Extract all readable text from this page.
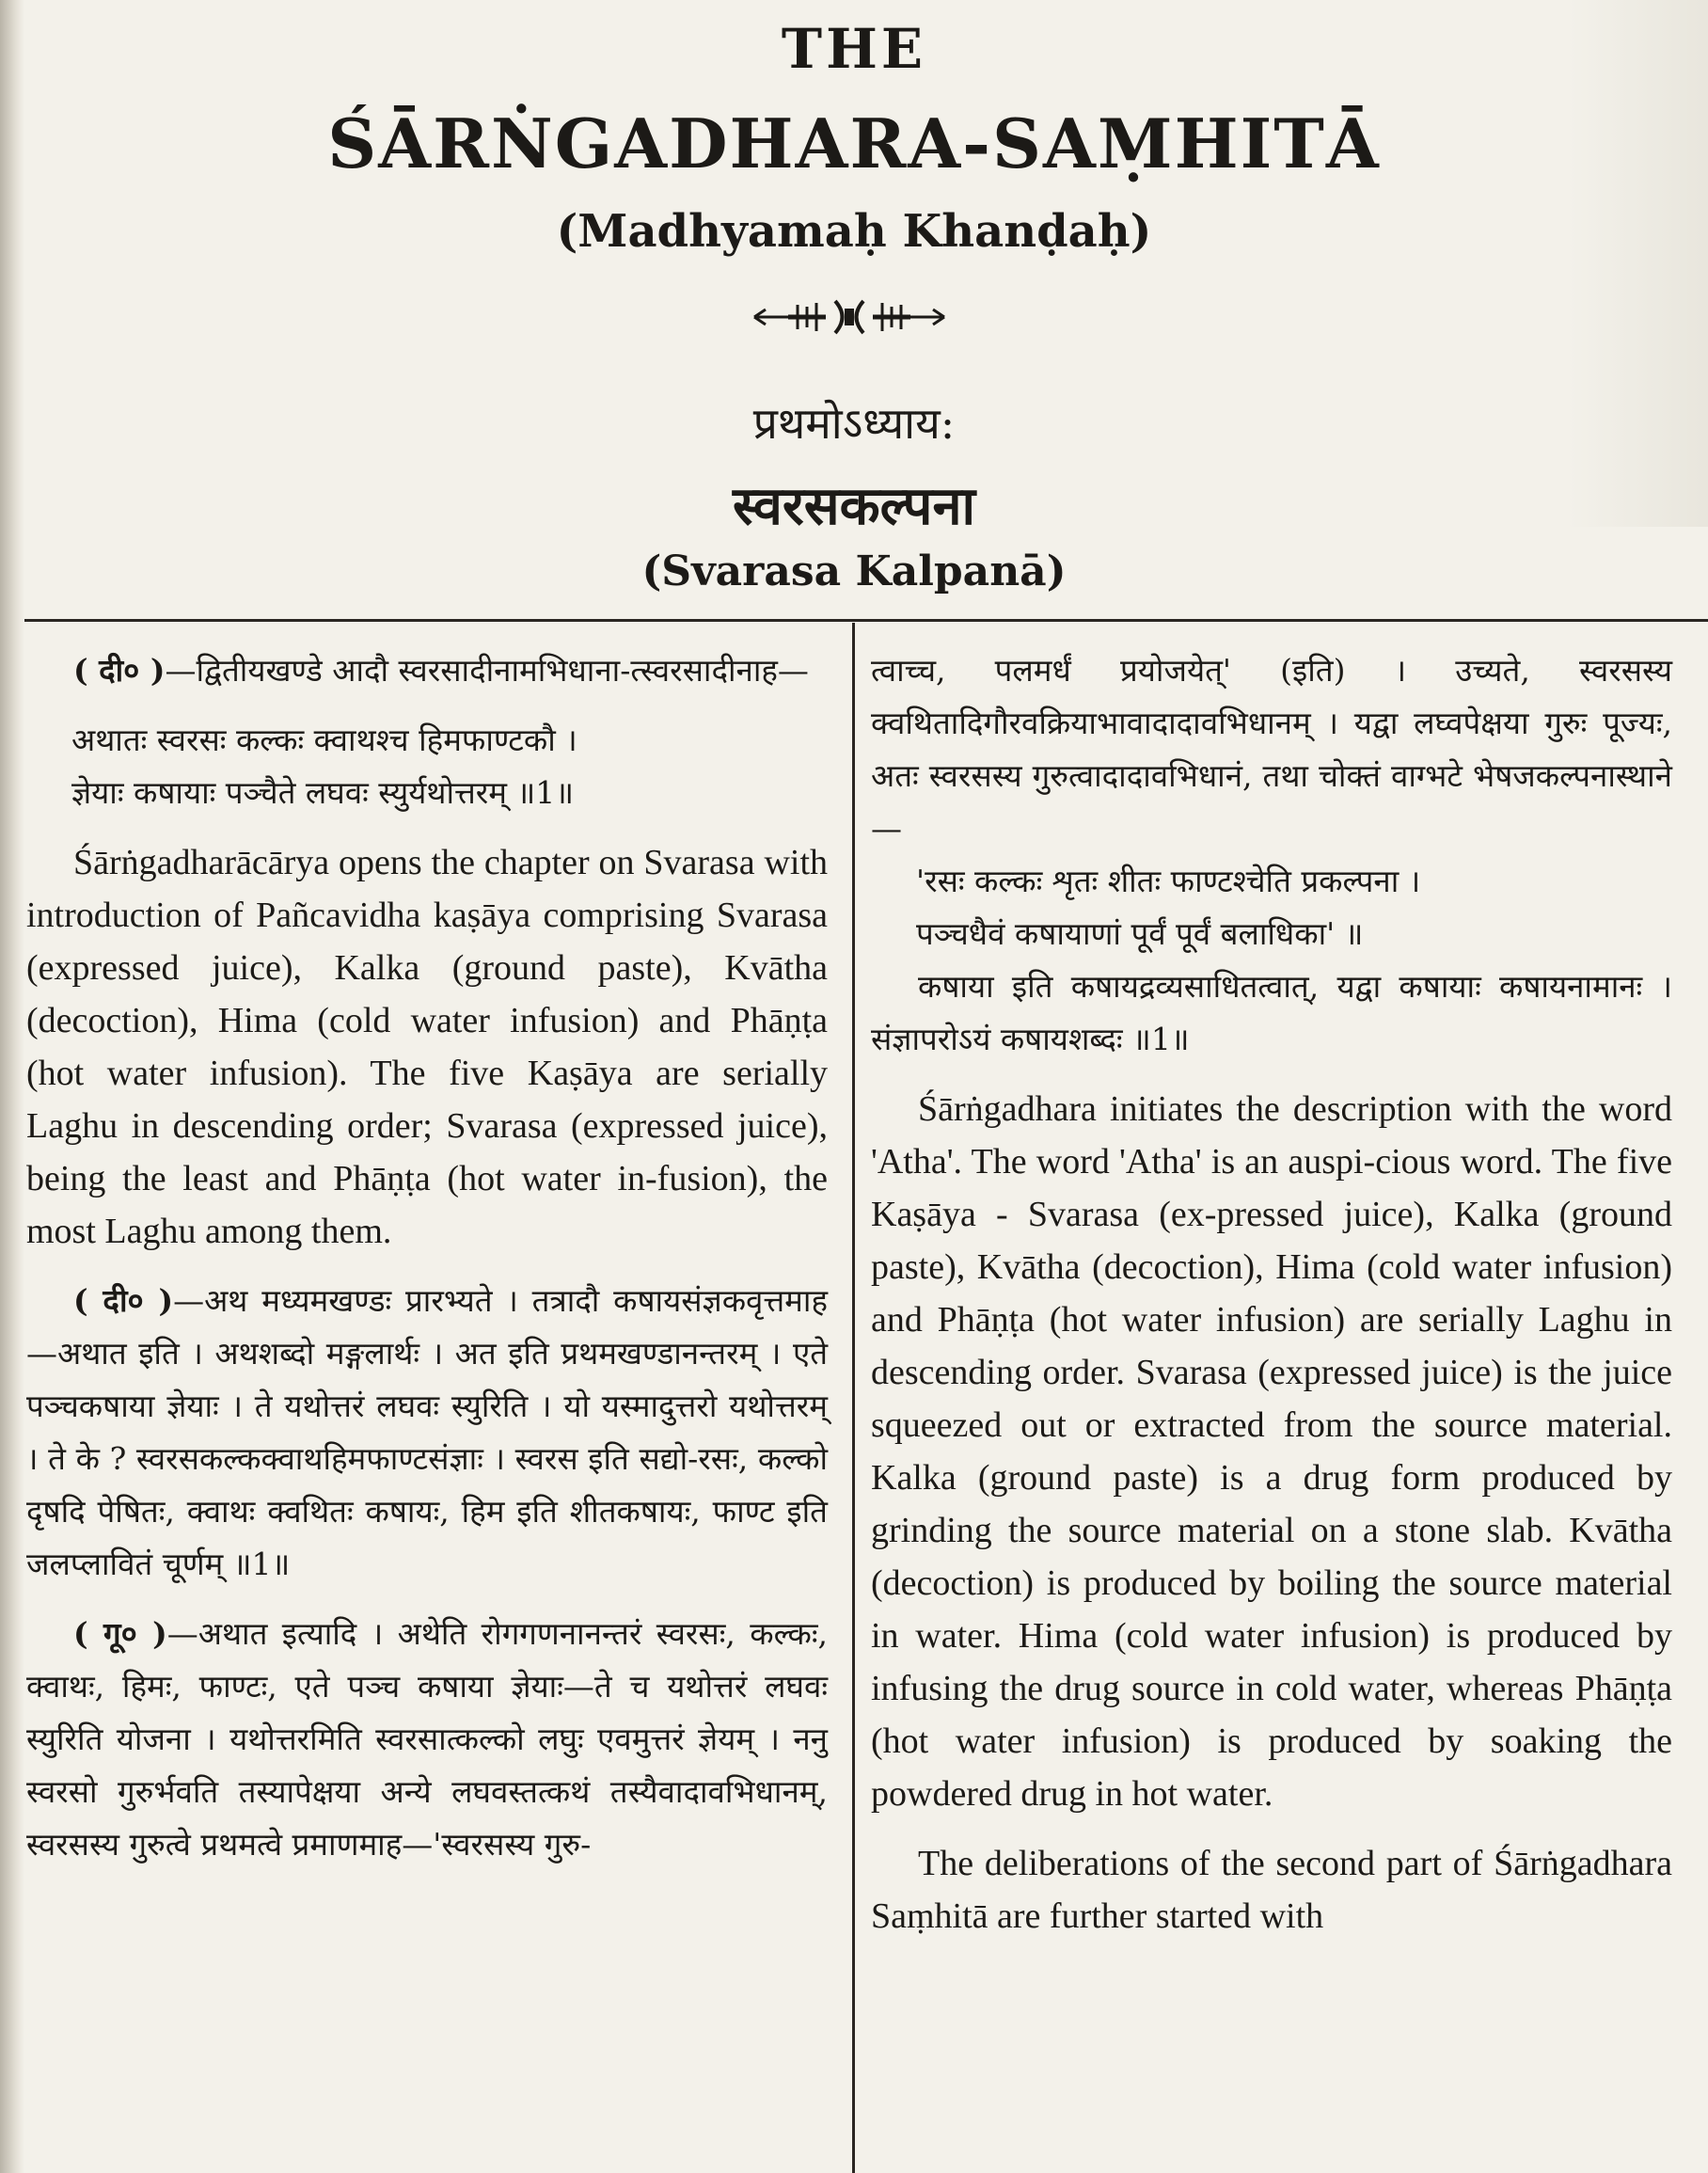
THE
ŚĀRṄGADHARA-SAṂHITĀ
(Madhyamaḥ Khanḍaḥ)
प्रथमोऽध्याय:
स्वरसकल्पना
(Svarasa Kalpanā)

( दी० )—द्वितीयखण्डे आदौ स्वरसादीनामभिधाना-त्स्वरसादीनाह—

अथातः स्वरसः कल्कः क्वाथश्च हिमफाण्टकौ ।

ज्ञेयाः कषायाः पञ्चैते लघवः स्युर्यथोत्तरम् ॥1॥

Śārṅgadharācārya opens the chapter on Svarasa with introduction of Pañcavidha kaṣāya comprising Svarasa (expressed juice), Kalka (ground paste), Kvātha (decoction), Hima (cold water infusion) and Phāṇṭa (hot water infusion). The five Kaṣāya are serially Laghu in descending order; Svarasa (expressed juice), being the least and Phāṇṭa (hot water in-fusion), the most Laghu among them.

( दी० )—अथ मध्यमखण्डः प्रारभ्यते । तत्रादौ कषायसंज्ञकवृत्तमाह—अथात इति । अथशब्दो मङ्गलार्थः । अत इति प्रथमखण्डानन्तरम् । एते पञ्चकषाया ज्ञेयाः । ते यथोत्तरं लघवः स्युरिति । यो यस्मादुत्तरो यथोत्तरम् । ते के ? स्वरसकल्कक्वाथहिमफाण्टसंज्ञाः । स्वरस इति सद्यो-रसः, कल्को दृषदि पेषितः, क्वाथः क्वथितः कषायः, हिम इति शीतकषायः, फाण्ट इति जलप्लावितं चूर्णम् ॥1॥

( गू० )—अथात इत्यादि । अथेति रोगगणनानन्तरं स्वरसः, कल्कः, क्वाथः, हिमः, फाण्टः, एते पञ्च कषाया ज्ञेयाः—ते च यथोत्तरं लघवः स्युरिति योजना । यथोत्तरमिति स्वरसात्कल्को लघुः एवमुत्तरं ज्ञेयम् । ननु स्वरसो गुरुर्भवति तस्यापेक्षया अन्ये लघवस्तत्कथं तस्यैवादावभिधानम्, स्वरसस्य गुरुत्वे प्रथमत्वे प्रमाणमाह—'स्वरसस्य गुरु-

त्वाच्च, पलमर्धं प्रयोजयेत्' (इति) । उच्यते, स्वरसस्य क्वथितादिगौरवक्रियाभावादादावभिधानम् । यद्वा लघ्वपेक्षया गुरुः पूज्यः, अतः स्वरसस्य गुरुत्वादादावभिधानं, तथा चोक्तं वाग्भटे भेषजकल्पनास्थाने—

'रसः कल्कः शृतः शीतः फाण्टश्चेति प्रकल्पना ।

पञ्चधैवं कषायाणां पूर्वं पूर्वं बलाधिका' ॥

कषाया इति कषायद्रव्यसाधितत्वात्, यद्वा कषायाः कषायनामानः । संज्ञापरोऽयं कषायशब्दः ॥1॥

Śārṅgadhara initiates the description with the word 'Atha'. The word 'Atha' is an auspi-cious word. The five Kaṣāya - Svarasa (ex-pressed juice), Kalka (ground paste), Kvātha (decoction), Hima (cold water infusion) and Phāṇṭa (hot water infusion) are serially Laghu in descending order. Svarasa (expressed juice) is the juice squeezed out or extracted from the source material. Kalka (ground paste) is a drug form produced by grinding the source material on a stone slab. Kvātha (decoction) is produced by boiling the source material in water. Hima (cold water infusion) is produced by infusing the drug source in cold water, whereas Phāṇṭa (hot water infusion) is produced by soaking the powdered drug in hot water.

The deliberations of the second part of Śārṅgadhara Saṃhitā are further started with
